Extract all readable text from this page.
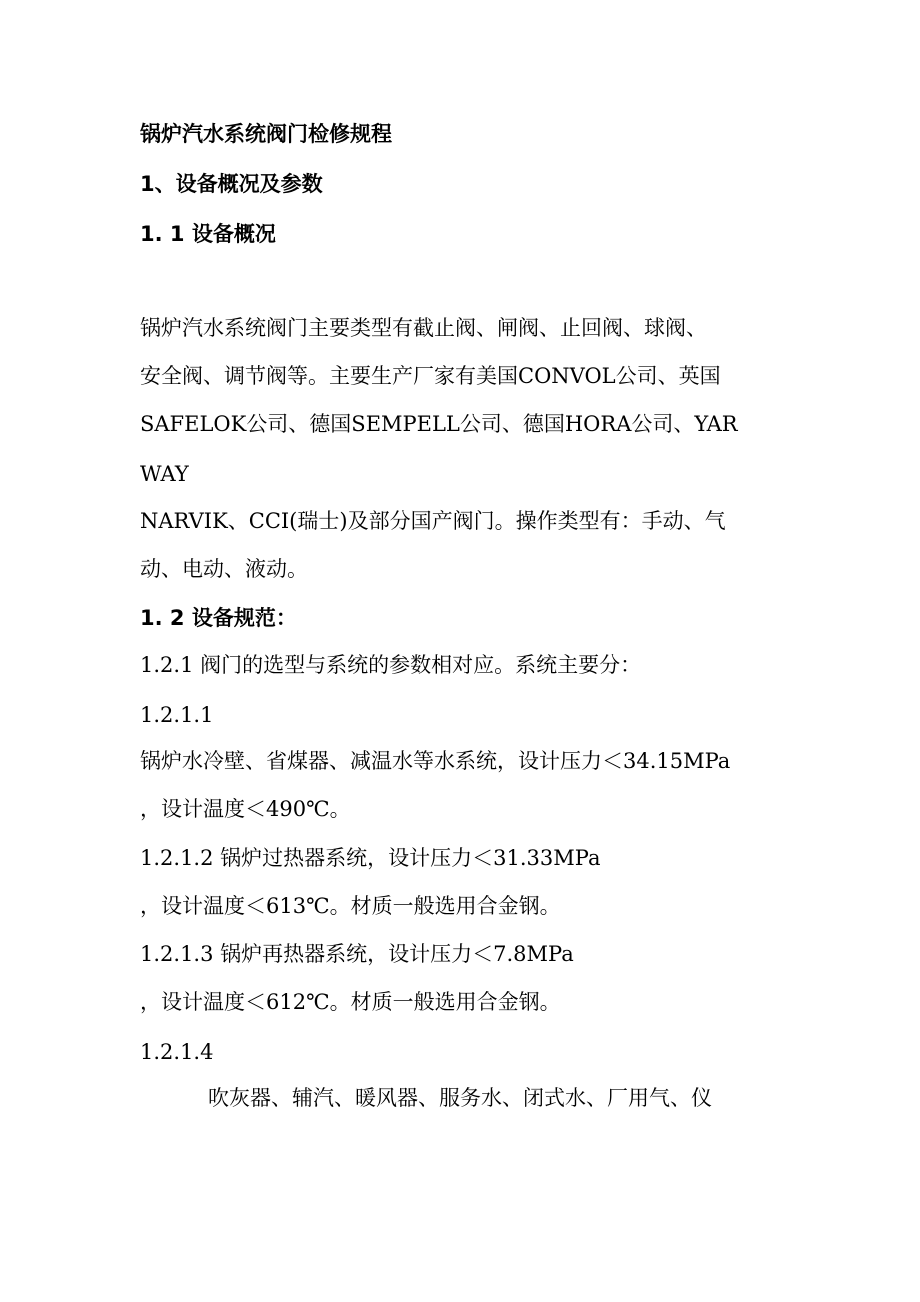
锅炉汽水系统阀门检修规程
1、设备概况及参数
1. 1 设备概况
锅炉汽水系统阀门主要类型有截止阀、闸阀、止回阀、球阀、
安全阀、调节阀等。主要生产厂家有美国CONVOL公司、英国
SAFELOK公司、德国SEMPELL公司、德国HORA公司、YAR
WAY
NARVIK、CCI(瑞士)及部分国产阀门。操作类型有：手动、气
动、电动、液动。
1. 2 设备规范：
1.2.1 阀门的选型与系统的参数相对应。系统主要分：
1.2.1.1
锅炉水冷壁、省煤器、减温水等水系统，设计压力＜34.15MPa
，设计温度＜490℃。
1.2.1.2 锅炉过热器系统，设计压力＜31.33MPa
，设计温度＜613℃。材质一般选用合金钢。
1.2.1.3 锅炉再热器系统，设计压力＜7.8MPa
，设计温度＜612℃。材质一般选用合金钢。
1.2.1.4
吹灰器、辅汽、暖风器、服务水、闭式水、厂用气、仪
